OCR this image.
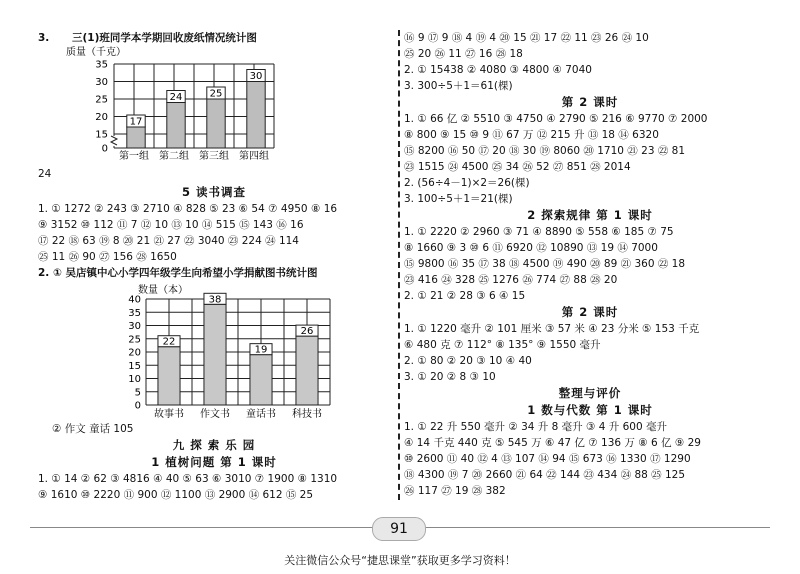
3. 三(1)班同学本学期回收废纸情况统计图
质量（千克）
0
15
20
25
30
35
17
24	25
30
第一组 第二组 第三组 第四组
24
5 读书调查
1. ① 1272 ② 243 ③ 2710 ④ 828 ⑤ 23 ⑥ 54 ⑦ 4950 ⑧ 16
⑨ 3152 ⑩ 112 ⑪ 7 ⑫ 10 ⑬ 10 ⑭ 515 ⑮ 143 ⑯ 16
⑰ 22 ⑱ 63 ⑲ 8 ⑳ 21 ㉑ 27 ㉒ 3040 ㉓ 224 ㉔ 114
㉕ 11 ㉖ 90 ㉗ 156 ㉘ 1650
2. ① 吴店镇中心小学四年级学生向希望小学捐献图书统计图
数量（本）
0
5
10
15
20
25
30
35
40
22
38
19
26
故事书 作文书 童话书 科技书
② 作文 童话 105
九 探 索 乐 园
1 植树问题 第 1 课时
1. ① 14 ② 62 ③ 4816 ④ 40 ⑤ 63 ⑥ 3010 ⑦ 1900 ⑧ 1310
⑨ 1610 ⑩ 2220 ⑪ 900 ⑫ 1100 ⑬ 2900 ⑭ 612 ⑮ 25
⑯ 9 ⑰ 9 ⑱ 4 ⑲ 4 ⑳ 15 ㉑ 17 ㉒ 11 ㉓ 26 ㉔ 10
㉕ 20 ㉖ 11 ㉗ 16 ㉘ 18
2. ① 15438 ② 4080 ③ 4800 ④ 7040
3. 300÷5＋1＝61(棵)
第 2 课时
1. ① 66 亿 ② 5510 ③ 4750 ④ 2790 ⑤ 216 ⑥ 9770 ⑦ 2000
⑧ 800 ⑨ 15 ⑩ 9 ⑪ 67 万 ⑫ 215 升 ⑬ 18 ⑭ 6320
⑮ 8200 ⑯ 50 ⑰ 20 ⑱ 30 ⑲ 8060 ⑳ 1710 ㉑ 23 ㉒ 81
㉓ 1515 ㉔ 4500 ㉕ 34 ㉖ 52 ㉗ 851 ㉘ 2014
2. (56÷4－1)×2＝26(棵)
3. 100÷5＋1＝21(棵)
2 探索规律 第 1 课时
1. ① 2220 ② 2960 ③ 71 ④ 8890 ⑤ 558 ⑥ 185 ⑦ 75
⑧ 1660 ⑨ 3 ⑩ 6 ⑪ 6920 ⑫ 10890 ⑬ 19 ⑭ 7000
⑮ 9800 ⑯ 35 ⑰ 38 ⑱ 4500 ⑲ 490 ⑳ 89 ㉑ 360 ㉒ 18
㉓ 416 ㉔ 328 ㉕ 1276 ㉖ 774 ㉗ 88 ㉘ 20
2. ① 21 ② 28 ③ 6 ④ 15
第 2 课时
1. ① 1220 毫升 ② 101 厘米 ③ 57 米 ④ 23 分米 ⑤ 153 千克
⑥ 480 克 ⑦ 112° ⑧ 135° ⑨ 1550 毫升
2. ① 80 ② 20 ③ 10 ④ 40
3. ① 20 ② 8 ③ 10
整理与评价
1 数与代数 第 1 课时
1. ① 22 升 550 毫升 ② 34 升 8 毫升 ③ 4 升 600 毫升
④ 14 千克 440 克 ⑤ 545 万 ⑥ 47 亿 ⑦ 136 万 ⑧ 6 亿 ⑨ 29
⑩ 2600 ⑪ 40 ⑫ 4 ⑬ 107 ⑭ 94 ⑮ 673 ⑯ 1330 ⑰ 1290
⑱ 4300 ⑲ 7 ⑳ 2660 ㉑ 64 ㉒ 144 ㉓ 434 ㉔ 88 ㉕ 125
㉖ 117 ㉗ 19 ㉘ 382
91
关注微信公众号“捷思课堂”获取更多学习资料！
